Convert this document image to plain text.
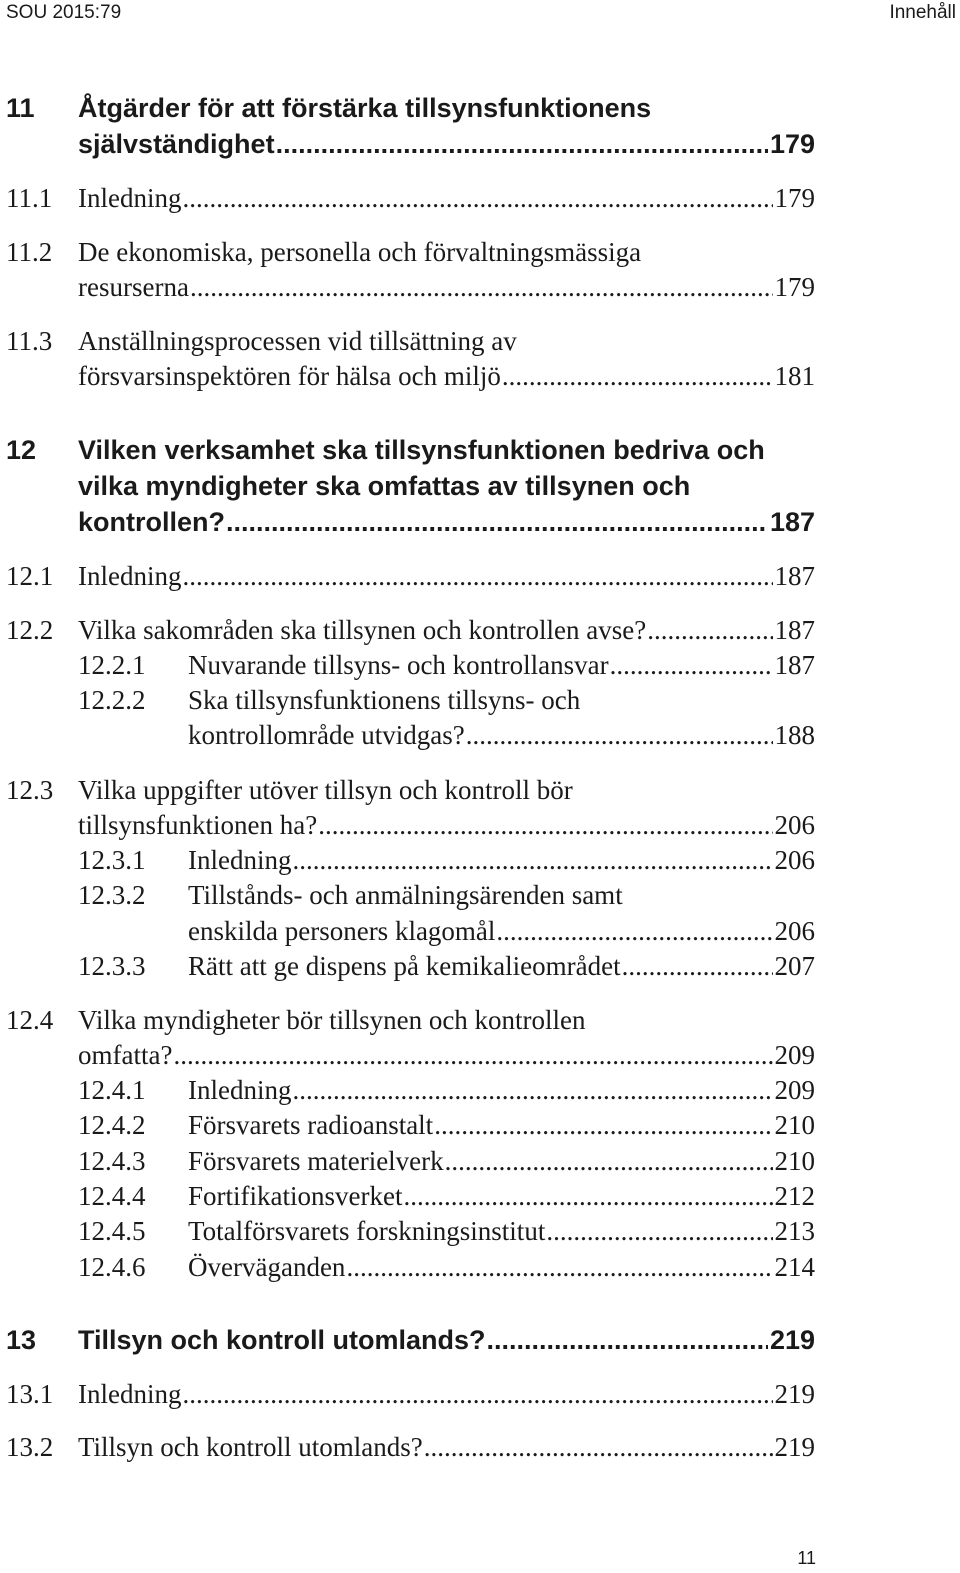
SOU 2015:79	Innehåll
11 Åtgärder för att förstärka tillsynsfunktionens
självständighet .....	179
11.1 Inledning .....	179
11.2 De ekonomiska, personella och förvaltningsmässiga
resurserna .....	179
11.3 Anställningsprocessen vid tillsättning av
försvarsinspektören för hälsa och miljö .....	181
12 Vilken verksamhet ska tillsynsfunktionen bedriva och
vilka myndigheter ska omfattas av tillsynen och
kontrollen? .....	187
12.1 Inledning .....	187
12.2 Vilka sakområden ska tillsynen och kontrollen avse? .....	187
12.2.1 Nuvarande tillsyns- och kontrollansvar .....	187
12.2.2 Ska tillsynsfunktionens tillsyns- och
kontrollområde utvidgas? .....	188
12.3 Vilka uppgifter utöver tillsyn och kontroll bör
tillsynsfunktionen ha? .....	206
12.3.1 Inledning .....	206
12.3.2 Tillstånds- och anmälningsärenden samt
enskilda personers klagomål .....	206
12.3.3 Rätt att ge dispens på kemikalieområdet .....	207
12.4 Vilka myndigheter bör tillsynen och kontrollen
omfatta? .....	209
12.4.1 Inledning .....	209
12.4.2 Försvarets radioanstalt .....	210
12.4.3 Försvarets materielverk .....	210
12.4.4 Fortifikationsverket .....	212
12.4.5 Totalförsvarets forskningsinstitut .....	213
12.4.6 Överväganden .....	214
13 Tillsyn och kontroll utomlands? .....	219
13.1 Inledning .....	219
13.2 Tillsyn och kontroll utomlands? .....	219
11
